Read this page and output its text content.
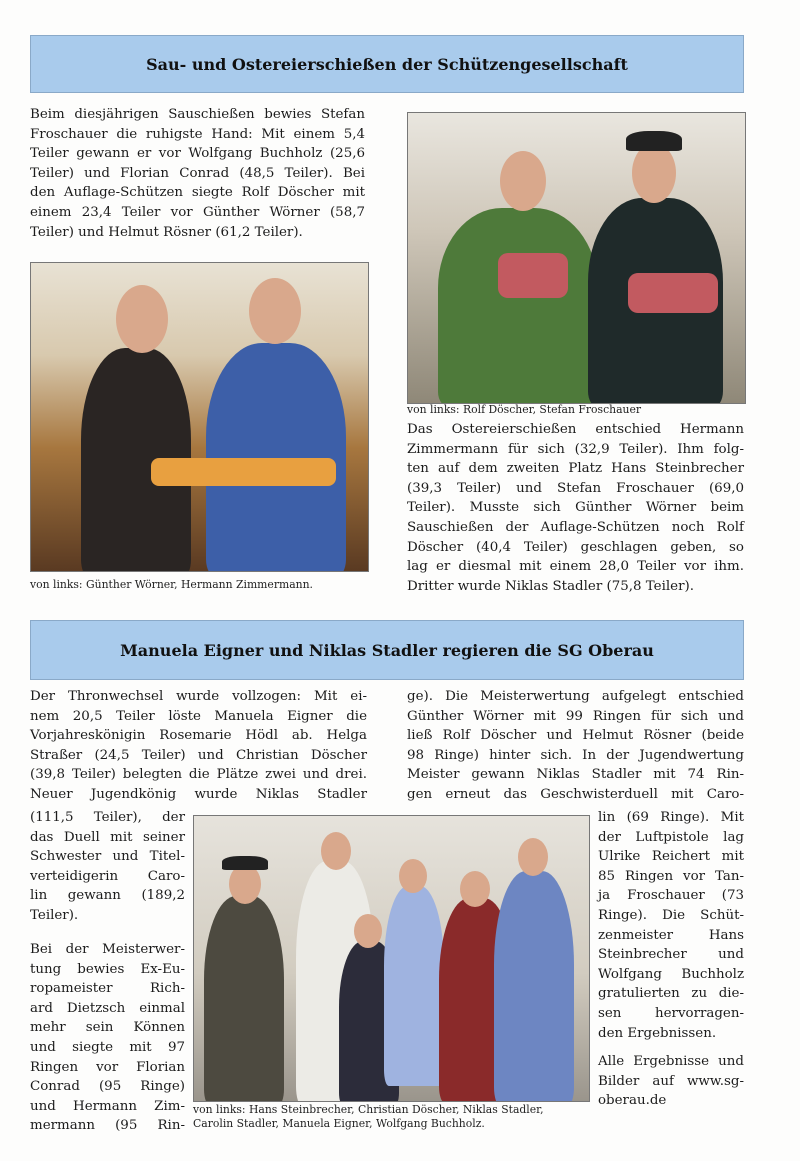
Sau- und Ostereierschießen der Schützengesellschaft
Beim diesjährigen Sauschießen bewies Stefan
Froschauer die ruhigste Hand: Mit einem 5,4
Teiler gewann er vor Wolfgang Buchholz (25,6
Teiler) und Florian Conrad (48,5 Teiler). Bei
den Auflage-Schützen siegte Rolf Döscher mit
einem 23,4 Teiler vor Günther Wörner (58,7
Teiler) und Helmut Rösner (61,2 Teiler).
von links: Günther Wörner, Hermann Zimmermann.
von links: Rolf Döscher, Stefan Froschauer
Das Ostereierschießen entschied Hermann
Zimmermann für sich (32,9 Teiler). Ihm folg-
ten auf dem zweiten Platz Hans Steinbrecher
(39,3 Teiler) und Stefan Froschauer (69,0
Teiler). Musste sich Günther Wörner beim
Sauschießen der Auflage-Schützen noch Rolf
Döscher (40,4 Teiler) geschlagen geben, so
lag er diesmal mit einem 28,0 Teiler vor ihm.
Dritter wurde Niklas Stadler (75,8 Teiler).
Manuela Eigner und Niklas Stadler regieren die SG Oberau
Der Thronwechsel wurde vollzogen: Mit ei-
nem 20,5 Teiler löste Manuela Eigner die
Vorjahreskönigin Rosemarie Hödl ab. Helga
Straßer (24,5 Teiler) und Christian Döscher
(39,8 Teiler) belegten die Plätze zwei und drei.
Neuer Jugendkönig wurde Niklas Stadler
(111,5 Teiler), der
das Duell mit seiner
Schwester und Titel-
verteidigerin Caro-
lin gewann (189,2
Teiler).
Bei der Meisterwer-
tung bewies Ex-Eu-
ropameister Rich-
ard Dietzsch einmal
mehr sein Können
und siegte mit 97
Ringen vor Florian
Conrad (95 Ringe)
und Hermann Zim-
mermann (95 Rin-
ge). Die Meisterwertung aufgelegt entschied
Günther Wörner mit 99 Ringen für sich und
ließ Rolf Döscher und Helmut Rösner (beide
98 Ringe) hinter sich. In der Jugendwertung
Meister gewann Niklas Stadler mit 74 Rin-
gen erneut das Geschwisterduell mit Caro-
lin (69 Ringe). Mit
der Luftpistole lag
Ulrike Reichert mit
85 Ringen vor Tan-
ja Froschauer (73
Ringe). Die Schüt-
zenmeister Hans
Steinbrecher und
Wolfgang Buchholz
gratulierten zu die-
sen hervorragen-
den Ergebnissen.
Alle Ergebnisse und
Bilder auf www.sg-
oberau.de
von links: Hans Steinbrecher, Christian Döscher, Niklas Stadler,
Carolin Stadler, Manuela Eigner, Wolfgang Buchholz.
